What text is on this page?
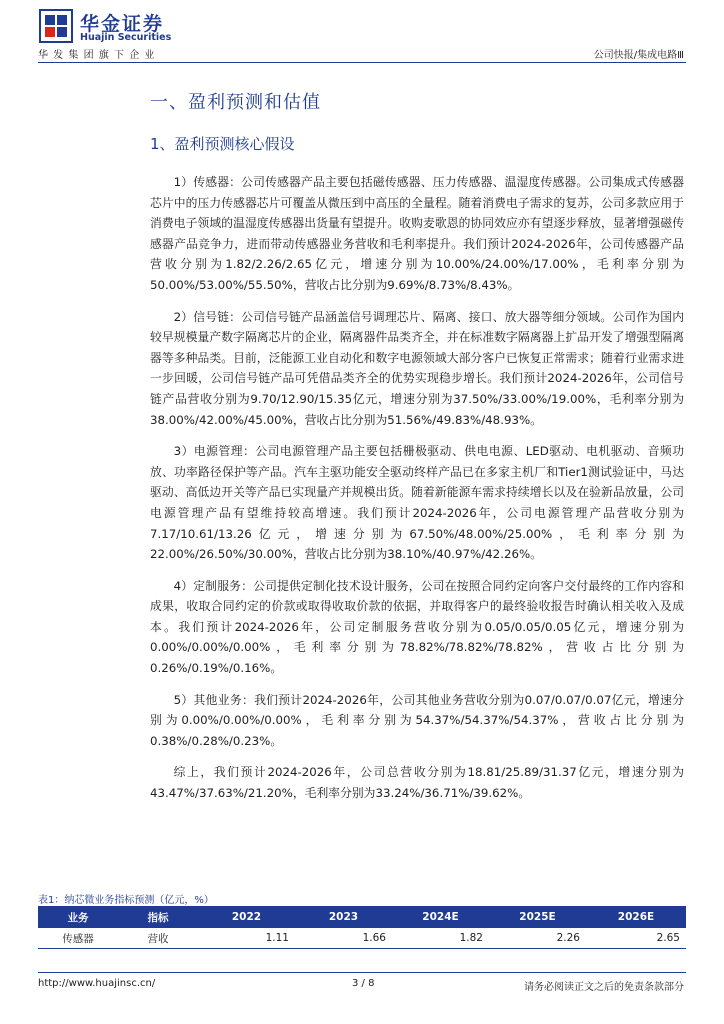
华金证券
Huajin Securities
华发集团旗下企业	公司快报/集成电路Ⅲ
一、盈利预测和估值
1、盈利预测核心假设

1）传感器：公司传感器产品主要包括磁传感器、压力传感器、温湿度传感器。公司集成式传感器芯片中的压力传感器芯片可覆盖从微压到中高压的全量程。随着消费电子需求的复苏，公司多款应用于消费电子领域的温湿度传感器出货量有望提升。收购麦歌恩的协同效应亦有望逐步释放，显著增强磁传感器产品竞争力，进而带动传感器业务营收和毛利率提升。我们预计2024-2026年，公司传感器产品营收分别为1.82/2.26/2.65亿元，增速分别为10.00%/24.00%/17.00%，毛利率分别为50.00%/53.00%/55.50%，营收占比分别为9.69%/8.73%/8.43%。

2）信号链：公司信号链产品涵盖信号调理芯片、隔离、接口、放大器等细分领域。公司作为国内较早规模量产数字隔离芯片的企业，隔离器件品类齐全，并在标准数字隔离器上扩品开发了增强型隔离器等多种品类。目前，泛能源工业自动化和数字电源领域大部分客户已恢复正常需求；随着行业需求进一步回暖，公司信号链产品可凭借品类齐全的优势实现稳步增长。我们预计2024-2026年，公司信号链产品营收分别为9.70/12.90/15.35亿元，增速分别为37.50%/33.00%/19.00%，毛利率分别为38.00%/42.00%/45.00%，营收占比分别为51.56%/49.83%/48.93%。

3）电源管理：公司电源管理产品主要包括栅极驱动、供电电源、LED驱动、电机驱动、音频功放、功率路径保护等产品。汽车主驱功能安全驱动终样产品已在多家主机厂和Tier1测试验证中，马达驱动、高低边开关等产品已实现量产并规模出货。随着新能源车需求持续增长以及在验新品放量，公司电源管理产品有望维持较高增速。我们预计2024-2026年，公司电源管理产品营收分别为7.17/10.61/13.26亿元，增速分别为67.50%/48.00%/25.00%，毛利率分别为22.00%/26.50%/30.00%，营收占比分别为38.10%/40.97%/42.26%。

4）定制服务：公司提供定制化技术设计服务，公司在按照合同约定向客户交付最终的工作内容和成果，收取合同约定的价款或取得收取价款的依据，并取得客户的最终验收报告时确认相关收入及成本。我们预计2024-2026年，公司定制服务营收分别为0.05/0.05/0.05亿元，增速分别为0.00%/0.00%/0.00%，毛利率分别为78.82%/78.82%/78.82%，营收占比分别为0.26%/0.19%/0.16%。

5）其他业务：我们预计2024-2026年，公司其他业务营收分别为0.07/0.07/0.07亿元，增速分别为0.00%/0.00%/0.00%，毛利率分别为54.37%/54.37%/54.37%，营收占比分别为0.38%/0.28%/0.23%。

综上，我们预计2024-2026年，公司总营收分别为18.81/25.89/31.37亿元，增速分别为43.47%/37.63%/21.20%，毛利率分别为33.24%/36.71%/39.62%。

表1：纳芯微业务指标预测（亿元，%）
业务	指标	2022	2023	2024E	2025E	2026E
传感器	营收	1.11	1.66	1.82	2.26	2.65
http://www.huajinsc.cn/	3 / 8	请务必阅读正文之后的免责条款部分
